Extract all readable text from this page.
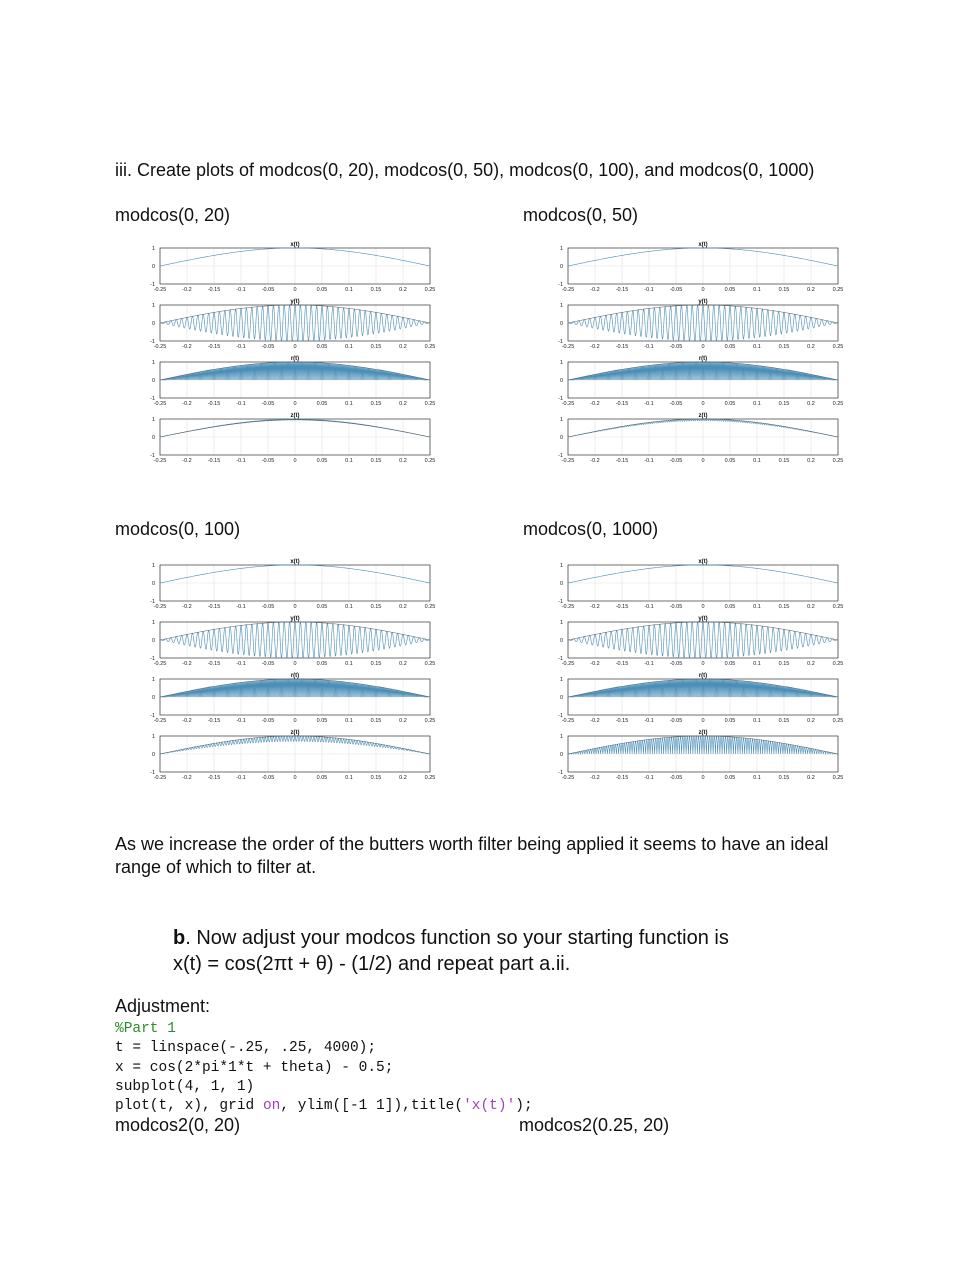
iii. Create plots of modcos(0, 20), modcos(0, 50), modcos(0, 100), and modcos(0, 1000)
modcos(0, 20)	modcos(0, 50)
modcos(0, 100)	modcos(0, 1000)
x(t)
1
0
-1
-0.25	-0.2	-0.15	-0.1	-0.05	0	0.05	0.1	0.15	0.2	0.25
y(t)
1
0
-1
-0.25	-0.2	-0.15	-0.1	-0.05	0	0.05	0.1	0.15	0.2	0.25
r(t)
1
0
-1
-0.25	-0.2	-0.15	-0.1	-0.05	0	0.05	0.1	0.15	0.2	0.25
z(t)
1
0
-1
-0.25	-0.2	-0.15	-0.1	-0.05	0	0.05	0.1	0.15	0.2	0.25
x(t)
1
0
-1
-0.25	-0.2	-0.15	-0.1	-0.05	0	0.05	0.1	0.15	0.2	0.25
y(t)
1
0
-1
-0.25	-0.2	-0.15	-0.1	-0.05	0	0.05	0.1	0.15	0.2	0.25
r(t)
1
0
-1
-0.25	-0.2	-0.15	-0.1	-0.05	0	0.05	0.1	0.15	0.2	0.25
z(t)
1
0
-1
-0.25	-0.2	-0.15	-0.1	-0.05	0	0.05	0.1	0.15	0.2	0.25
x(t)
1
0
-1
-0.25	-0.2	-0.15	-0.1	-0.05	0	0.05	0.1	0.15	0.2	0.25
y(t)
1
0
-1
-0.25	-0.2	-0.15	-0.1	-0.05	0	0.05	0.1	0.15	0.2	0.25
r(t)
1
0
-1
-0.25	-0.2	-0.15	-0.1	-0.05	0	0.05	0.1	0.15	0.2	0.25
z(t)
1
0
-1
-0.25	-0.2	-0.15	-0.1	-0.05	0	0.05	0.1	0.15	0.2	0.25
x(t)
1
0
-1
-0.25	-0.2	-0.15	-0.1	-0.05	0	0.05	0.1	0.15	0.2	0.25
y(t)
1
0
-1
-0.25	-0.2	-0.15	-0.1	-0.05	0	0.05	0.1	0.15	0.2	0.25
r(t)
1
0
-1
-0.25	-0.2	-0.15	-0.1	-0.05	0	0.05	0.1	0.15	0.2	0.25
z(t)
1
0
-1
-0.25	-0.2	-0.15	-0.1	-0.05	0	0.05	0.1	0.15	0.2	0.25
As we increase the order of the butters worth filter being applied it seems to have an ideal range of which to filter at.
b. Now adjust your modcos function so your starting function is
x(t) = cos(2πt + θ) - (1/2) and repeat part a.ii.
Adjustment:
%Part 1
t = linspace(-.25, .25, 4000);
x = cos(2*pi*1*t + theta) - 0.5;
subplot(4, 1, 1)
plot(t, x), grid on, ylim([-1 1]),title('x(t)');
modcos2(0, 20)	modcos2(0.25, 20)
